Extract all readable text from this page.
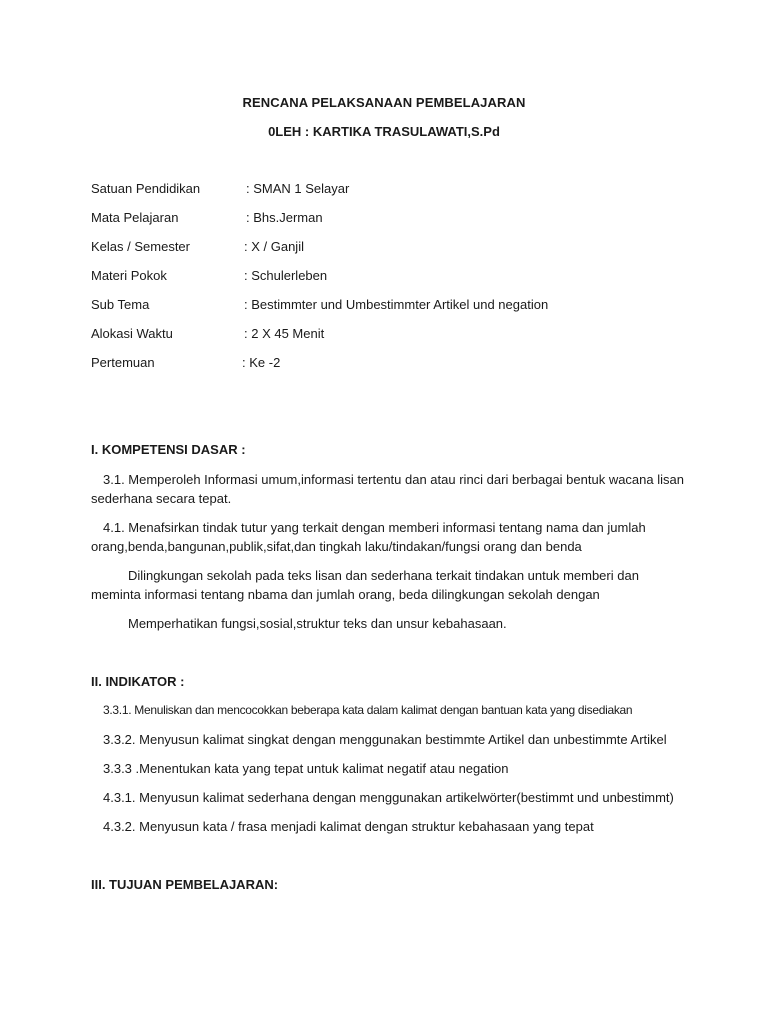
RENCANA PELAKSANAAN PEMBELAJARAN
0LEH : KARTIKA TRASULAWATI,S.Pd
Satuan Pendidikan	: SMAN 1 Selayar
Mata Pelajaran	: Bhs.Jerman
Kelas / Semester	: X / Ganjil
Materi Pokok	: Schulerleben
Sub Tema	: Bestimmter und Umbestimmter Artikel und negation
Alokasi Waktu	: 2 X 45 Menit
Pertemuan	: Ke -2
I. KOMPETENSI DASAR :
3.1. Memperoleh Informasi umum,informasi tertentu dan atau rinci dari berbagai bentuk wacana lisan sederhana secara tepat.
4.1. Menafsirkan tindak tutur yang terkait dengan memberi informasi tentang nama dan jumlah orang,benda,bangunan,publik,sifat,dan tingkah laku/tindakan/fungsi orang dan benda
Dilingkungan sekolah pada teks lisan dan sederhana terkait tindakan untuk memberi dan meminta informasi tentang nbama dan jumlah orang, beda dilingkungan sekolah dengan
Memperhatikan fungsi,sosial,struktur teks dan unsur kebahasaan.
II. INDIKATOR :
3.3.1. Menuliskan dan mencocokkan beberapa kata dalam kalimat dengan bantuan kata yang disediakan
3.3.2. Menyusun kalimat singkat dengan menggunakan bestimmte Artikel dan unbestimmte Artikel
3.3.3 .Menentukan kata yang tepat untuk kalimat negatif atau negation
4.3.1. Menyusun kalimat sederhana dengan menggunakan artikelwörter(bestimmt und unbestimmt)
4.3.2. Menyusun kata / frasa menjadi kalimat dengan struktur kebahasaan yang tepat
III. TUJUAN PEMBELAJARAN:
